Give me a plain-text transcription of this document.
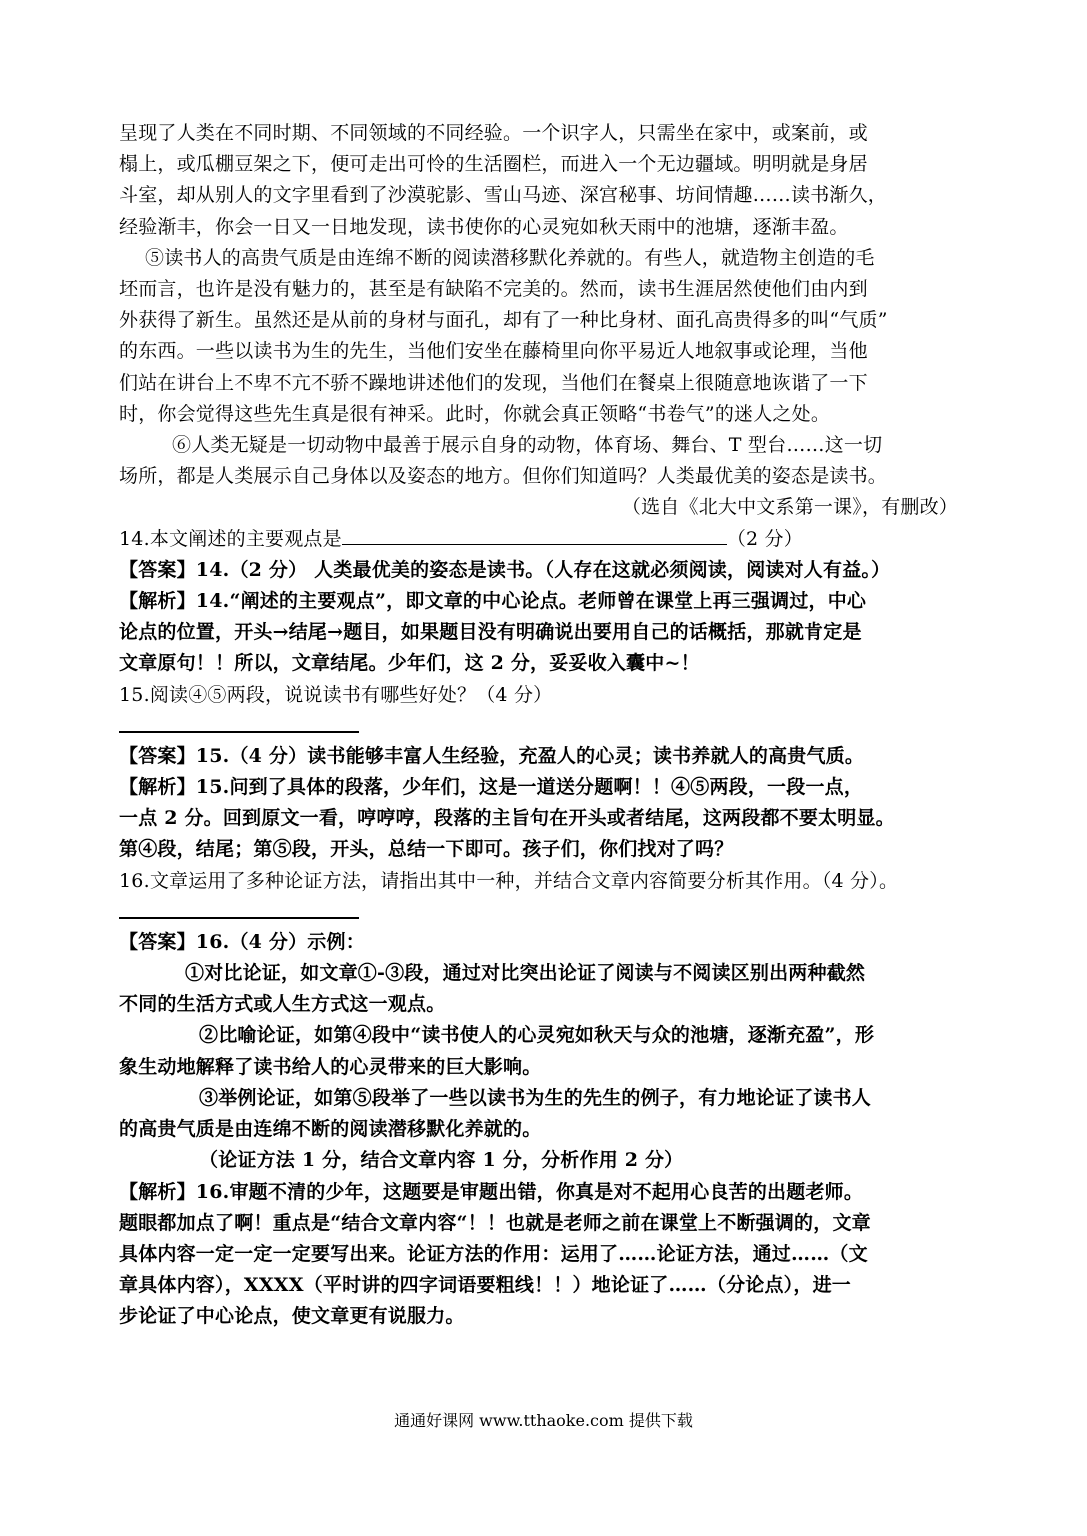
呈现了人类在不同时期、不同领域的不同经验。一个识字人，只需坐在家中，或案前，或
榻上，或瓜棚豆架之下，便可走出可怜的生活圈栏，而进入一个无边疆域。明明就是身居
斗室，却从别人的文字里看到了沙漠驼影、雪山马迹、深宫秘事、坊间情趣……读书渐久，
经验渐丰，你会一日又一日地发现，读书使你的心灵宛如秋天雨中的池塘，逐渐丰盈。
⑤读书人的高贵气质是由连绵不断的阅读潜移默化养就的。有些人，就造物主创造的毛
坯而言，也许是没有魅力的，甚至是有缺陷不完美的。然而，读书生涯居然使他们由内到
外获得了新生。虽然还是从前的身材与面孔，却有了一种比身材、面孔高贵得多的叫“气质”
的东西。一些以读书为生的先生，当他们安坐在藤椅里向你平易近人地叙事或论理，当他
们站在讲台上不卑不亢不骄不躁地讲述他们的发现，当他们在餐桌上很随意地诙谐了一下
时，你会觉得这些先生真是很有神采。此时，你就会真正领略“书卷气”的迷人之处。
⑥人类无疑是一切动物中最善于展示自身的动物，体育场、舞台、T 型台……这一切
场所，都是人类展示自己身体以及姿态的地方。但你们知道吗？人类最优美的姿态是读书。
（选自《北大中文系第一课》，有删改）
14.本文阐述的主要观点是	（2 分）
【答案】14.（2 分） 人类最优美的姿态是读书。（人存在这就必须阅读，阅读对人有益。）
【解析】14.“阐述的主要观点”，即文章的中心论点。老师曾在课堂上再三强调过，中心
论点的位置，开头→结尾→题目，如果题目没有明确说出要用自己的话概括，那就肯定是
文章原句！！所以，文章结尾。少年们，这 2 分，妥妥收入囊中~！
15.阅读④⑤两段，说说读书有哪些好处？（4 分）
【答案】15.（4 分）读书能够丰富人生经验，充盈人的心灵；读书养就人的高贵气质。
【解析】15.问到了具体的段落，少年们，这是一道送分题啊！！④⑤两段，一段一点，
一点 2 分。回到原文一看，哼哼哼，段落的主旨句在开头或者结尾，这两段都不要太明显。
第④段，结尾；第⑤段，开头，总结一下即可。孩子们，你们找对了吗？
16.文章运用了多种论证方法，请指出其中一种，并结合文章内容简要分析其作用。（4 分）。
【答案】16.（4 分）示例：
①对比论证，如文章①-③段，通过对比突出论证了阅读与不阅读区别出两种截然
不同的生活方式或人生方式这一观点。
②比喻论证，如第④段中“读书使人的心灵宛如秋天与众的池塘，逐渐充盈”，形
象生动地解释了读书给人的心灵带来的巨大影响。
③举例论证，如第⑤段举了一些以读书为生的先生的例子，有力地论证了读书人
的高贵气质是由连绵不断的阅读潜移默化养就的。
（论证方法 1 分，结合文章内容 1 分，分析作用 2 分）
【解析】16.审题不清的少年，这题要是审题出错，你真是对不起用心良苦的出题老师。
题眼都加点了啊！重点是“结合文章内容“！！也就是老师之前在课堂上不断强调的，文章
具体内容一定一定一定要写出来。论证方法的作用：运用了……论证方法，通过……（文
章具体内容），XXXX（平时讲的四字词语要粗线！！）地论证了……（分论点），进一
步论证了中心论点，使文章更有说服力。
通通好课网 www.tthaoke.com 提供下载
